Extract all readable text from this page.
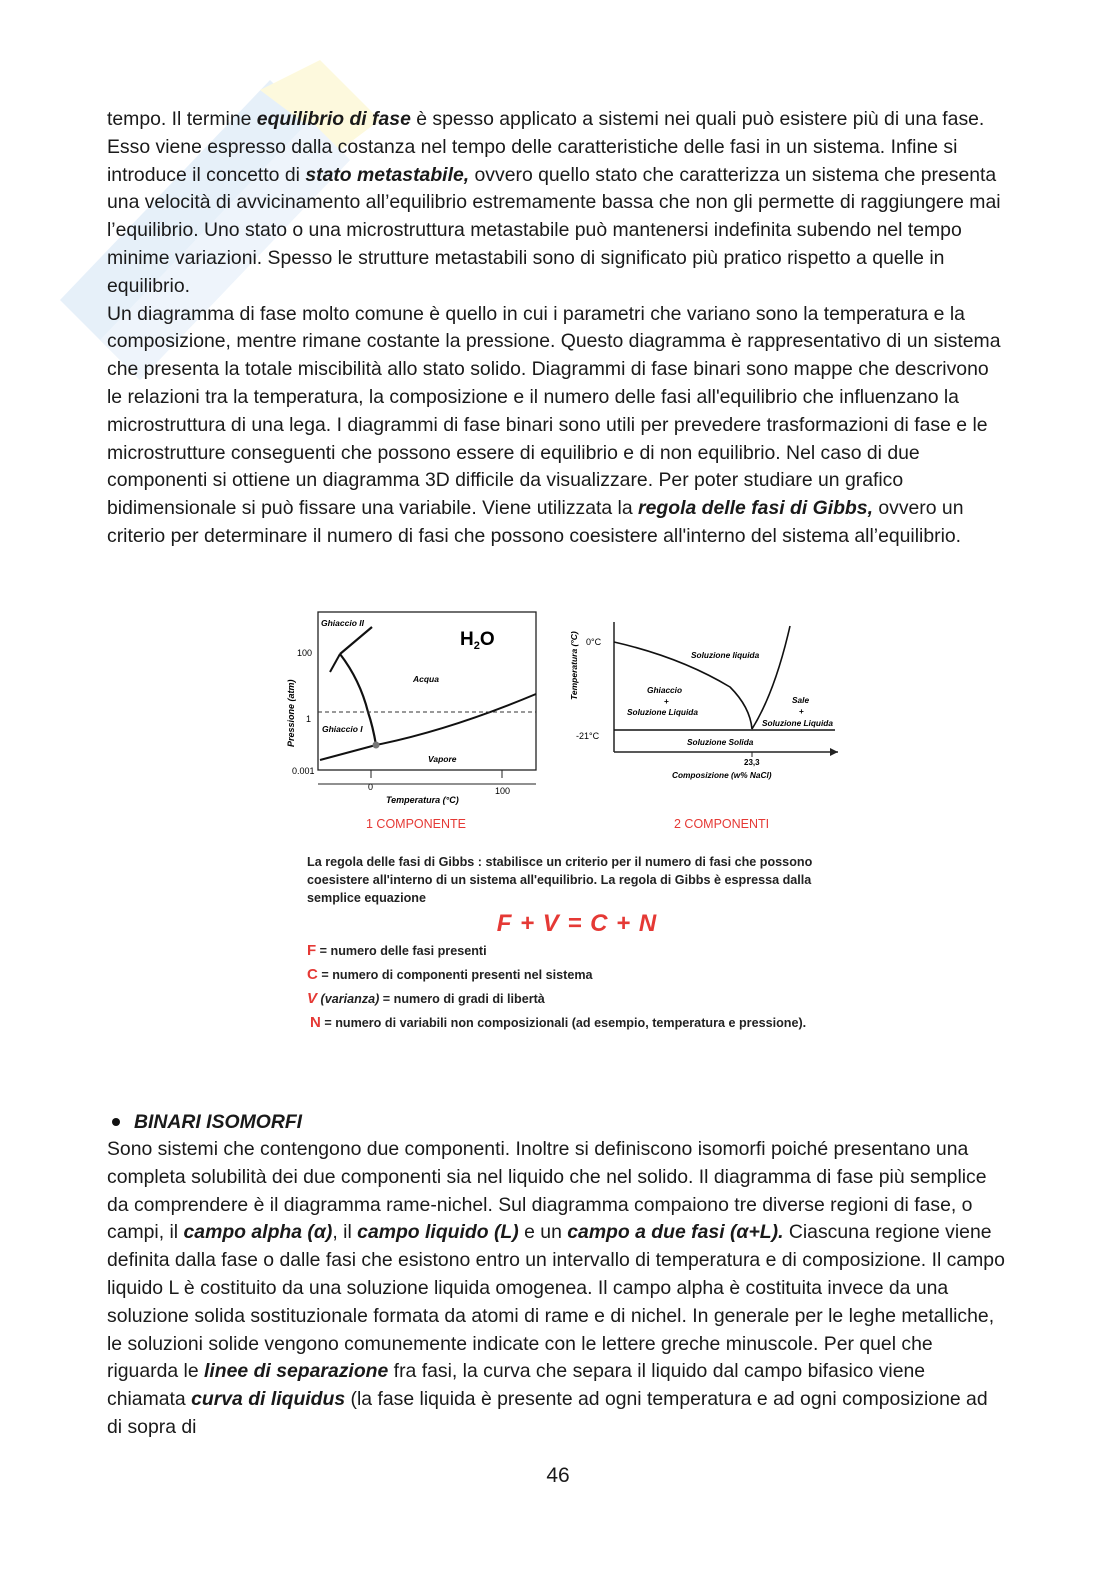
tempo. Il termine equilibrio di fase è spesso applicato a sistemi nei quali può esistere più di una fase. Esso viene espresso dalla costanza nel tempo delle caratteristiche delle fasi in un sistema. Infine si introduce il concetto di stato metastabile, ovvero quello stato che caratterizza un sistema che presenta una velocità di avvicinamento all’equilibrio estremamente bassa che non gli permette di raggiungere mai l’equilibrio. Uno stato o una microstruttura metastabile può mantenersi indefinita subendo nel tempo minime variazioni. Spesso le strutture metastabili sono di significato più pratico rispetto a quelle in equilibrio.
Un diagramma di fase molto comune è quello in cui i parametri che variano sono la temperatura e la composizione, mentre rimane costante la pressione. Questo diagramma è rappresentativo di un sistema che presenta la totale miscibilità allo stato solido. Diagrammi di fase binari sono mappe che descrivono le relazioni tra la temperatura, la composizione e il numero delle fasi all'equilibrio che influenzano la microstruttura di una lega. I diagrammi di fase binari sono utili per prevedere trasformazioni di fase e le microstrutture conseguenti che possono essere di equilibrio e di non equilibrio. Nel caso di due componenti si ottiene un diagramma 3D difficile da visualizzare. Per poter studiare un grafico bidimensionale si può fissare una variabile. Viene utilizzata la regola delle fasi di Gibbs, ovvero un criterio per determinare il numero di fasi che possono coesistere all'interno del sistema all’equilibrio.
$H_2O$
Ghiaccio II
Acqua
Ghiaccio I
Vapore
100
1
0.001
0	100
Temperatura (°C)
Pressione (atm)
1 COMPONENTE
0°C
-21°C
23,3
Soluzione liquida
Ghiaccio
+
Soluzione Liquida
Sale
+
Soluzione Liquida
Soluzione Solida
Composizione (w% NaCl)
Temperatura (°C)
2 COMPONENTI
La regola delle fasi di Gibbs : stabilisce un criterio per il numero di fasi che possono coesistere all'interno di un sistema all'equilibrio. La regola di Gibbs è espressa dalla semplice equazione
F + V = C + N
F = numero delle fasi presenti
C = numero di componenti presenti nel sistema
V (varianza) = numero di gradi di libertà
N = numero di variabili non composizionali (ad esempio, temperatura e pressione).
BINARI ISOMORFI
Sono sistemi che contengono due componenti. Inoltre si definiscono isomorfi poiché presentano una completa solubilità dei due componenti sia nel liquido che nel solido. Il diagramma di fase più semplice da comprendere è il diagramma rame-nichel. Sul diagramma compaiono tre diverse regioni di fase, o campi, il campo alpha (α), il campo liquido (L) e un campo a due fasi (α+L). Ciascuna regione viene definita dalla fase o dalle fasi che esistono entro un intervallo di temperatura e di composizione. Il campo liquido L è costituito da una soluzione liquida omogenea. Il campo alpha è costituita invece da una soluzione solida sostituzionale formata da atomi di rame e di nichel. In generale per le leghe metalliche, le soluzioni solide vengono comunemente indicate con le lettere greche minuscole. Per quel che riguarda le linee di separazione fra fasi, la curva che separa il liquido dal campo bifasico viene chiamata curva di liquidus (la fase liquida è presente ad ogni temperatura e ad ogni composizione ad di sopra di
46
